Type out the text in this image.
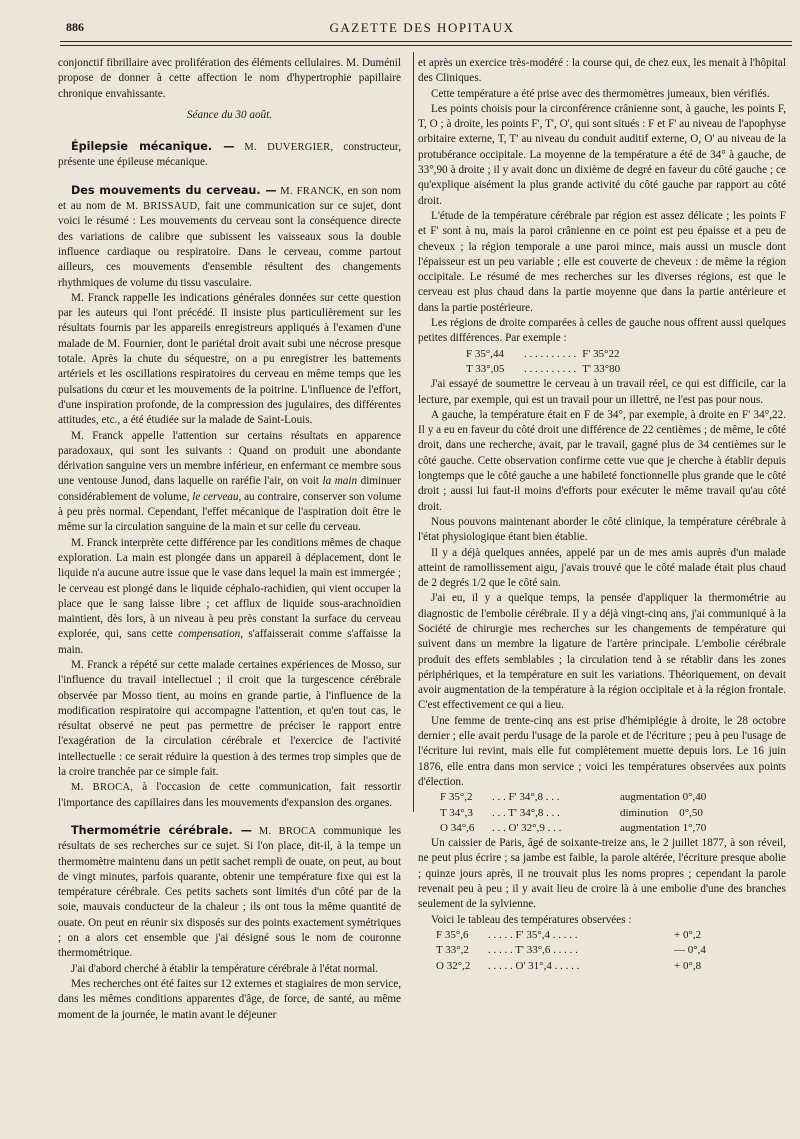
886	GAZETTE DES HOPITAUX

conjonctif fibrillaire avec prolifération des éléments cellulaires. M. Duménil propose de donner à cette affection le nom d'hypertrophie papillaire chronique envahissante.

Séance du 30 août.

Épilepsie mécanique. — M. DUVERGIER, constructeur, présente une épileuse mécanique.

Des mouvements du cerveau. — M. FRANCK, en son nom et au nom de M. BRISSAUD, fait une communication sur ce sujet, dont voici le résumé : Les mouvements du cerveau sont la conséquence directe des variations de calibre que subissent les vaisseaux sous la double influence cardiaque ou respiratoire. Dans le cerveau, comme partout ailleurs, ces mouvements d'ensemble résultent des changements rhythmiques de volume du tissu vasculaire.

M. Franck rappelle les indications générales données sur cette question par les auteurs qui l'ont précédé. Il insiste plus particulièrement sur les résultats fournis par les appareils enregistreurs appliqués à l'examen d'une malade de M. Fournier, dont le pariétal droit avait subi une nécrose presque totale. Après la chute du séquestre, on a pu enregistrer les battements artériels et les oscillations respiratoires du cerveau en même temps que les pulsations du cœur et les mouvements de la poitrine. L'influence de l'effort, d'une inspiration profonde, de la compression des jugulaires, des différentes attitudes, etc., a été étudiée sur la malade de Saint-Louis.

M. Franck appelle l'attention sur certains résultats en apparence paradoxaux, qui sont les suivants : Quand on produit une abondante dérivation sanguine vers un membre inférieur, en enfermant ce membre sous une ventouse Junod, dans laquelle on raréfie l'air, on voit la main diminuer considérablement de volume, le cerveau, au contraire, conserver son volume à peu près normal. Cependant, l'effet mécanique de l'aspiration doit être le même sur la circulation sanguine de la main et sur celle du cerveau.

M. Franck interprète cette différence par les conditions mêmes de chaque exploration. La main est plongée dans un appareil à déplacement, dont le liquide n'a aucune autre issue que le vase dans lequel la main est immergée ; le cerveau est plongé dans le liquide céphalo-rachidien, qui vient occuper la place que le sang laisse libre ; cet afflux de liquide sous-arachnoïdien maintient, dès lors, à un niveau à peu près constant la surface du cerveau explorée, qui, sans cette compensation, s'affaisserait comme s'affaisse la main.

M. Franck a répété sur cette malade certaines expériences de Mosso, sur l'influence du travail intellectuel ; il croit que la turgescence cérébrale observée par Mosso tient, au moins en grande partie, à l'influence de la modification respiratoire qui accompagne l'attention, et qu'en tout cas, le résultat observé ne peut pas permettre de préciser le rapport entre l'exagération de la circulation cérébrale et l'exercice de l'activité intellectuelle : ce serait réduire la question à des termes trop simples que de la croire tranchée par ce simple fait.

M. BROCA, à l'occasion de cette communication, fait ressortir l'importance des capillaires dans les mouvements d'expansion des organes.

Thermométrie cérébrale. — M. BROCA communique les résultats de ses recherches sur ce sujet. Si l'on place, dit-il, à la tempe un thermomètre maintenu dans un petit sachet rempli de ouate, on peut, au bout de vingt minutes, parfois quarante, obtenir une température fixe qui est la température cérébrale. Ces petits sachets sont limités d'un côté par de la soie, mauvais conducteur de la chaleur ; ils ont tous la même quantité de ouate. On peut en réunir six disposés sur des points exactement symétriques ; on a alors cet ensemble que j'ai désigné sous le nom de couronne thermométrique.

J'ai d'abord cherché à établir la température cérébrale à l'état normal.

Mes recherches ont été faites sur 12 externes et stagiaires de mon service, dans les mêmes conditions apparentes d'âge, de force, de santé, au même moment de la journée, le matin avant le déjeuner

et après un exercice très-modéré : la course qui, de chez eux, les menait à l'hôpital des Cliniques.

Cette température a été prise avec des thermomètres jumeaux, bien vérifiés.

Les points choisis pour la circonférence crânienne sont, à gauche, les points F, T, O ; à droite, les points F', T', O', qui sont situés : F et F' au niveau de l'apophyse orbitaire externe, T, T' au niveau du conduit auditif externe, O, O' au niveau de la protubérance occipitale. La moyenne de la température a été de 34° à gauche, de 33°,90 à droite ; il y avait donc un dixième de degré en faveur du côté gauche ; ce qu'explique aisément la plus grande activité du côté gauche par rapport au côté droit.

L'étude de la température cérébrale par région est assez délicate ; les points F et F' sont à nu, mais la paroi crânienne en ce point est peu épaisse et a peu de cheveux ; la région temporale a une paroi mince, mais aussi un muscle dont l'épaisseur est un peu variable ; elle est couverte de cheveux : de même la région occipitale. Le résumé de mes recherches sur les diverses régions, est que le cerveau est plus chaud dans la partie moyenne que dans la partie antérieure et dans la partie postérieure.

Les régions de droite comparées à celles de gauche nous offrent aussi quelques petites différences. Par exemple :

F 35°,44	. . . . . . . . . . F' 35°22
T 33°,05	. . . . . . . . . . T' 33°80

J'ai essayé de soumettre le cerveau à un travail réel, ce qui est difficile, car la lecture, par exemple, qui est un travail pour un illettré, ne l'est pas pour nous.

A gauche, la température était en F de 34°, par exemple, à droite en F' 34°,22. Il y a eu en faveur du côté droit une différence de 22 centièmes ; de même, le côté droit, dans une recherche, avait, par le travail, gagné plus de 34 centièmes sur le côté gauche. Cette observation confirme cette vue que je cherche à établir depuis longtemps que le côté gauche a une habileté fonctionnelle plus grande que le côté droit ; aussi lui faut-il moins d'efforts pour exécuter le même travail qu'au côté droit.

Nous pouvons maintenant aborder le côté clinique, la température cérébrale à l'état physiologique étant bien établie.

Il y a déjà quelques années, appelé par un de mes amis auprès d'un malade atteint de ramollissement aigu, j'avais trouvé que le côté malade était plus chaud de 2 degrés 1/2 que le côté sain.

J'ai eu, il y a quelque temps, la pensée d'appliquer la thermométrie au diagnostic de l'embolie cérébrale. Il y a déjà vingt-cinq ans, j'ai communiqué à la Société de chirurgie mes recherches sur les changements de température qui suivent dans un membre la ligature de l'artère principale. L'embolie cérébrale produit des effets semblables ; la circulation tend à se rétablir dans les zones périphériques, et la température en suit les variations. Théoriquement, on devait avoir augmentation de la température à la région occipitale et à la région frontale. C'est effectivement ce qui a lieu.

Une femme de trente-cinq ans est prise d'hémiplégie à droite, le 28 octobre dernier ; elle avait perdu l'usage de la parole et de l'écriture ; peu à peu l'usage de l'écriture lui revint, mais elle fut complètement muette depuis lors. Le 16 juin 1876, elle entra dans mon service ; voici les températures observées aux points d'élection.

F 35°,2	. . . F' 34°,8 . . .	augmentation 0°,40
T 34°,3	. . . T' 34°,8 . . .	diminution    0°,50
O 34°,6	. . . O' 32°,9 . . .	augmentation 1°,70

Un caissier de Paris, âgé de soixante-treize ans, le 2 juillet 1877, à son réveil, ne peut plus écrire ; sa jambe est faible, la parole altérée, l'écriture presque abolie ; quinze jours après, il ne trouvait plus les noms propres ; cependant la parole revenait peu à peu ; il y avait lieu de croire là à une embolie d'une des branches seulement de la sylvienne.

Voici le tableau des températures observées :

F 35°,6	. . . . . F' 35°,4 . . . . .	+ 0°,2
T 33°,2	. . . . . T' 33°,6 . . . . .	— 0°,4
O 32°,2	. . . . . O' 31°,4 . . . . .	+ 0°,8
